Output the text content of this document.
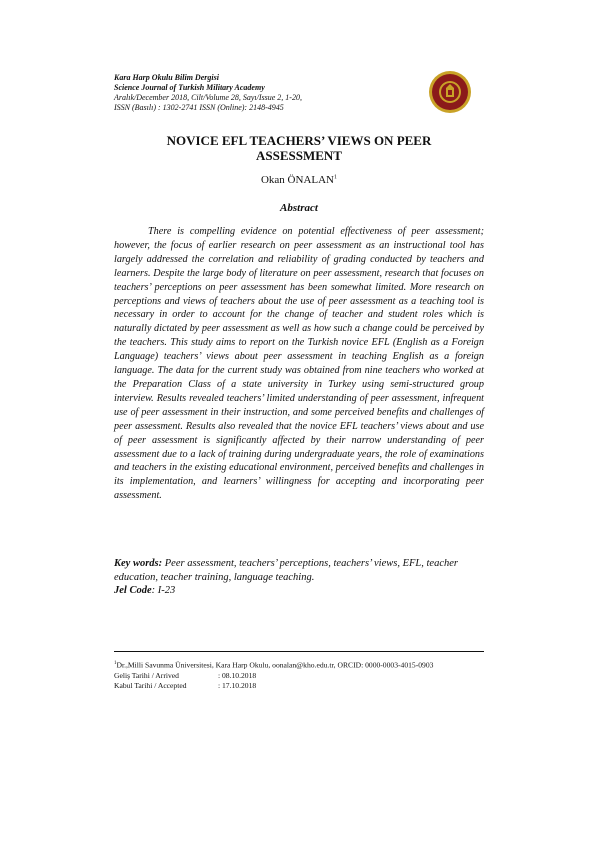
Kara Harp Okulu Bilim Dergisi
Science Journal of Turkish Military Academy
Aralık/December 2018, Cilt/Volume 28, Sayı/Issue 2, 1-20,
ISSN (Basılı) : 1302-2741 ISSN (Online): 2148-4945
NOVICE EFL TEACHERS’ VIEWS ON PEER
ASSESSMENT
Okan ÖNALAN$^1$
Abstract

There is compelling evidence on potential effectiveness of peer assessment; however, the focus of earlier research on peer assessment as an instructional tool has largely addressed the correlation and reliability of grading conducted by teachers and learners. Despite the large body of literature on peer assessment, research that focuses on teachers’ perceptions on peer assessment has been somewhat limited. More research on perceptions and views of teachers about the use of peer assessment as a teaching tool is necessary in order to account for the change of teacher and student roles which is naturally dictated by peer assessment as well as how such a change could be perceived by the teachers. This study aims to report on the Turkish novice EFL (English as a Foreign Language) teachers’ views about peer assessment in teaching English as a foreign language. The data for the current study was obtained from nine teachers who worked at the Preparation Class of a state university in Turkey using semi-structured group interview. Results revealed teachers’ limited understanding of peer assessment, infrequent use of peer assessment in their instruction, and some perceived benefits and challenges of peer assessment. Results also revealed that the novice EFL teachers’ views about and use of peer assessment is significantly affected by their narrow understanding of peer assessment due to a lack of training during undergraduate years, the role of examinations and teachers in the existing educational environment, perceived benefits and challenges in its implementation, and learners’ willingness for accepting and incorporating peer assessment.

Key words: Peer assessment, teachers’ perceptions, teachers’ views, EFL, teacher education, teacher training, language teaching.
Jel Code: I-23
$^1$Dr.,Milli Savunma Üniversitesi, Kara Harp Okulu, oonalan@kho.edu.tr, ORCID: 0000-0003-4015-0903
Geliş Tarihi / Arrived	: 08.10.2018
Kabul Tarihi / Accepted	: 17.10.2018
